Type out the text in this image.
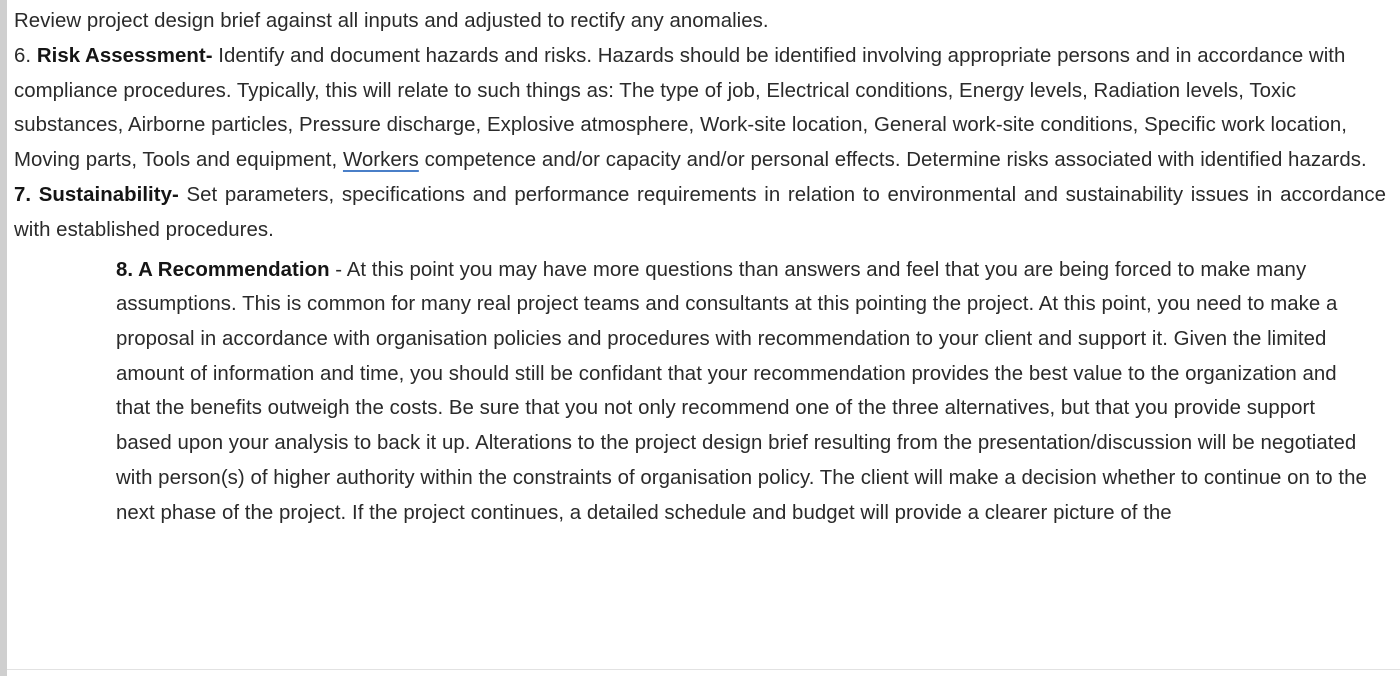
Review project design brief against all inputs and adjusted to rectify any anomalies.

6. Risk Assessment- Identify and document hazards and risks. Hazards should be identified involving appropriate persons and in accordance with compliance procedures. Typically, this will relate to such things as: The type of job, Electrical conditions, Energy levels, Radiation levels, Toxic substances, Airborne particles, Pressure discharge, Explosive atmosphere, Work-site location, General work-site conditions, Specific work location, Moving parts, Tools and equipment, Workers competence and/or capacity and/or personal effects. Determine risks associated with identified hazards.

7. Sustainability- Set parameters, specifications and performance requirements in relation to environmental and sustainability issues in accordance with established procedures.

8. A Recommendation - At this point you may have more questions than answers and feel that you are being forced to make many assumptions. This is common for many real project teams and consultants at this pointing the project. At this point, you need to make a proposal in accordance with organisation policies and procedures with recommendation to your client and support it. Given the limited amount of information and time, you should still be confidant that your recommendation provides the best value to the organization and that the benefits outweigh the costs. Be sure that you not only recommend one of the three alternatives, but that you provide support based upon your analysis to back it up. Alterations to the project design brief resulting from the presentation/discussion will be negotiated with person(s) of higher authority within the constraints of organisation policy. The client will make a decision whether to continue on to the next phase of the project. If the project continues, a detailed schedule and budget will provide a clearer picture of the
